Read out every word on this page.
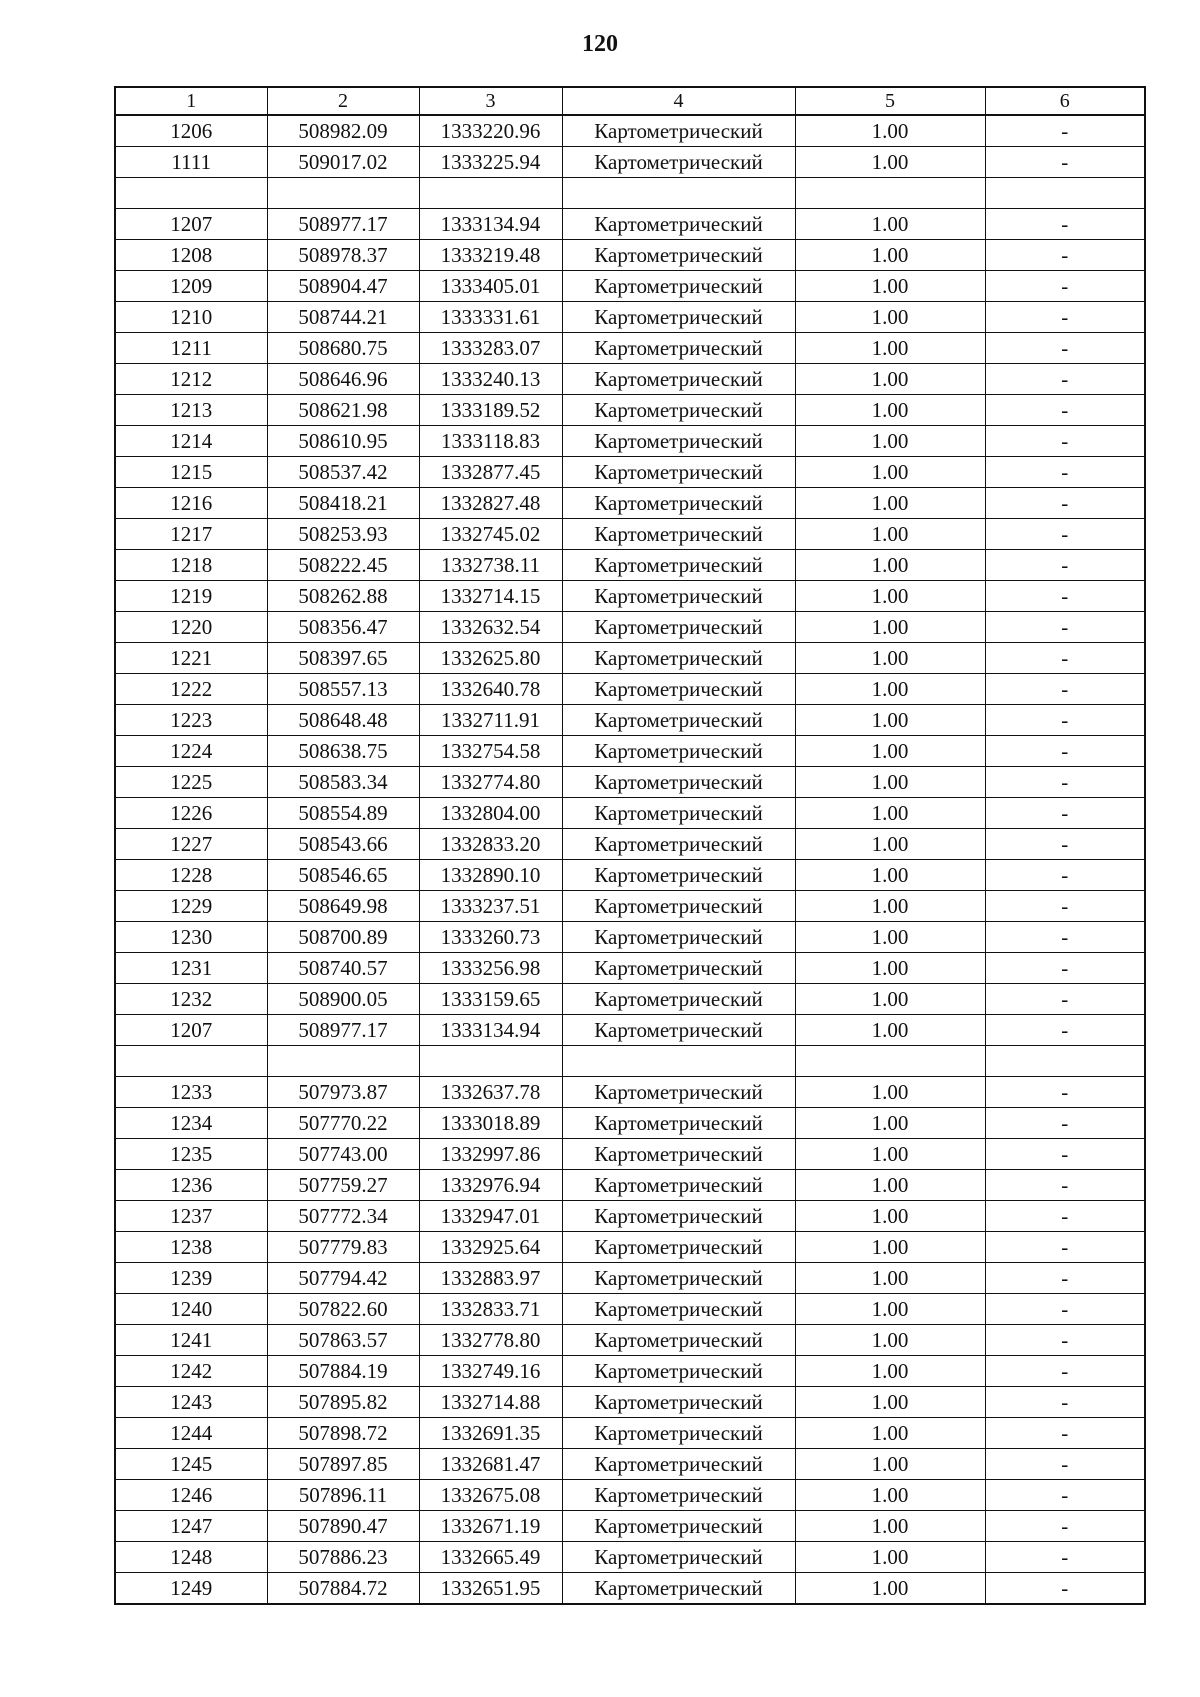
120
1	2	3	4	5	6
1206	508982.09	1333220.96	Картометрический	1.00	-
1111	509017.02	1333225.94	Картометрический	1.00	-

1207	508977.17	1333134.94	Картометрический	1.00	-
1208	508978.37	1333219.48	Картометрический	1.00	-
1209	508904.47	1333405.01	Картометрический	1.00	-
1210	508744.21	1333331.61	Картометрический	1.00	-
1211	508680.75	1333283.07	Картометрический	1.00	-
1212	508646.96	1333240.13	Картометрический	1.00	-
1213	508621.98	1333189.52	Картометрический	1.00	-
1214	508610.95	1333118.83	Картометрический	1.00	-
1215	508537.42	1332877.45	Картометрический	1.00	-
1216	508418.21	1332827.48	Картометрический	1.00	-
1217	508253.93	1332745.02	Картометрический	1.00	-
1218	508222.45	1332738.11	Картометрический	1.00	-
1219	508262.88	1332714.15	Картометрический	1.00	-
1220	508356.47	1332632.54	Картометрический	1.00	-
1221	508397.65	1332625.80	Картометрический	1.00	-
1222	508557.13	1332640.78	Картометрический	1.00	-
1223	508648.48	1332711.91	Картометрический	1.00	-
1224	508638.75	1332754.58	Картометрический	1.00	-
1225	508583.34	1332774.80	Картометрический	1.00	-
1226	508554.89	1332804.00	Картометрический	1.00	-
1227	508543.66	1332833.20	Картометрический	1.00	-
1228	508546.65	1332890.10	Картометрический	1.00	-
1229	508649.98	1333237.51	Картометрический	1.00	-
1230	508700.89	1333260.73	Картометрический	1.00	-
1231	508740.57	1333256.98	Картометрический	1.00	-
1232	508900.05	1333159.65	Картометрический	1.00	-
1207	508977.17	1333134.94	Картометрический	1.00	-

1233	507973.87	1332637.78	Картометрический	1.00	-
1234	507770.22	1333018.89	Картометрический	1.00	-
1235	507743.00	1332997.86	Картометрический	1.00	-
1236	507759.27	1332976.94	Картометрический	1.00	-
1237	507772.34	1332947.01	Картометрический	1.00	-
1238	507779.83	1332925.64	Картометрический	1.00	-
1239	507794.42	1332883.97	Картометрический	1.00	-
1240	507822.60	1332833.71	Картометрический	1.00	-
1241	507863.57	1332778.80	Картометрический	1.00	-
1242	507884.19	1332749.16	Картометрический	1.00	-
1243	507895.82	1332714.88	Картометрический	1.00	-
1244	507898.72	1332691.35	Картометрический	1.00	-
1245	507897.85	1332681.47	Картометрический	1.00	-
1246	507896.11	1332675.08	Картометрический	1.00	-
1247	507890.47	1332671.19	Картометрический	1.00	-
1248	507886.23	1332665.49	Картометрический	1.00	-
1249	507884.72	1332651.95	Картометрический	1.00	-
